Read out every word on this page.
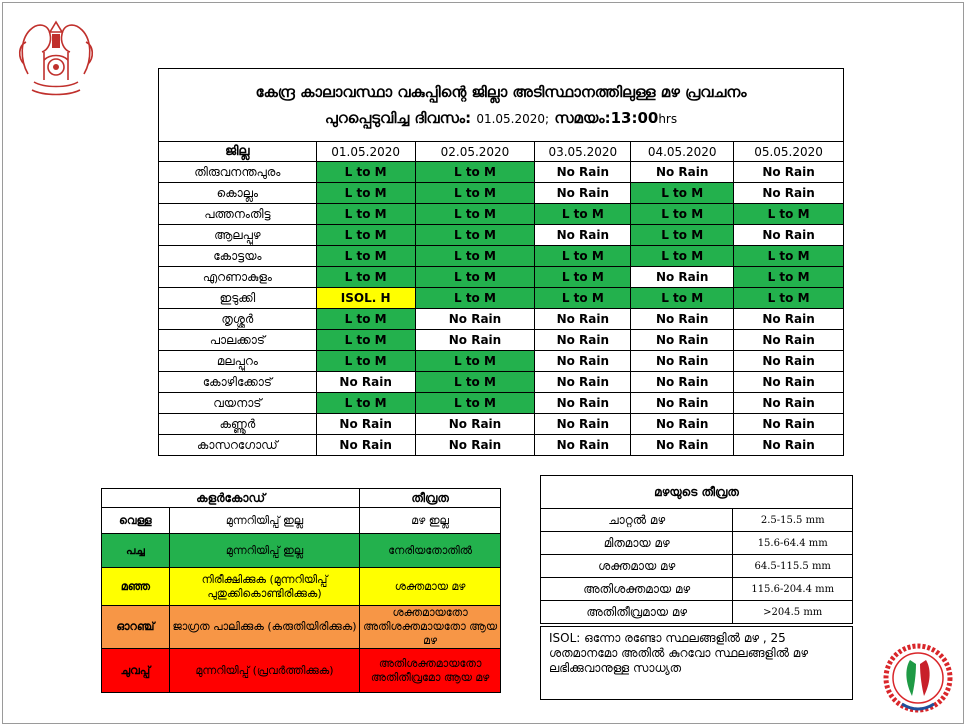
കേന്ദ്ര കാലാവസ്ഥാ വകുപ്പിന്റെ ജില്ലാ അടിസ്ഥാനത്തിലുള്ള മഴ പ്രവചനം
പുറപ്പെടുവിച്ച ദിവസം: 01.05.2020; സമയം:13:00hrs					

ജില്ല	01.05.2020	02.05.2020	03.05.2020	04.05.2020	05.05.2020
തിരുവനന്തപുരം	L to M	L to M	No Rain	No Rain	No Rain
കൊല്ലം	L to M	L to M	No Rain	L to M	No Rain
പത്തനംതിട്ട	L to M	L to M	L to M	L to M	L to M
ആലപ്പുഴ	L to M	L to M	No Rain	L to M	No Rain
കോട്ടയം	L to M	L to M	L to M	L to M	L to M
എറണാകുളം	L to M	L to M	L to M	No Rain	L to M
ഇടുക്കി	ISOL. H	L to M	L to M	L to M	L to M
തൃശ്ശൂർ	L to M	No Rain	No Rain	No Rain	No Rain
പാലക്കാട്	L to M	No Rain	No Rain	No Rain	No Rain
മലപ്പുറം	L to M	L to M	No Rain	No Rain	No Rain
കോഴിക്കോട്	No Rain	L to M	No Rain	No Rain	No Rain
വയനാട്	L to M	L to M	No Rain	No Rain	No Rain
കണ്ണൂർ	No Rain	No Rain	No Rain	No Rain	No Rain
കാസറഗോഡ്	No Rain	No Rain	No Rain	No Rain	No Rain
കളർകോഡ്		തീവ്രത
വെള്ള	മുന്നറിയിപ്പ് ഇല്ല	മഴ ഇല്ല
പച്ച	മുന്നറിയിപ്പ് ഇല്ല	നേരിയതോതിൽ
മഞ്ഞ	നിരീക്ഷിക്കുക (മുന്നറിയിപ്പ് പുതുക്കികൊണ്ടിരിക്കുക)	ശക്തമായ മഴ
ഓറഞ്ച്	ജാഗ്രത പാലിക്കുക (കരുതിയിരിക്കുക)	ശക്തമായതോ അതിശക്തമായതോ ആയ മഴ
ചുവപ്പ്	മുന്നറിയിപ്പ് (പ്രവർത്തിക്കുക)	അതിശക്തമായതോ അതിതീവ്രമോ ആയ മഴ
മഴയുടെ തീവ്രത	
ചാറ്റൽ മഴ	2.5-15.5 mm
മിതമായ മഴ	15.6-64.4 mm
ശക്തമായ മഴ	64.5-115.5 mm
അതിശക്തമായ മഴ	115.6-204.4 mm
അതിതീവ്രമായ മഴ	>204.5 mm
ISOL: ഒന്നോ രണ്ടോ സ്ഥലങ്ങളിൽ മഴ , 25 ശതമാനമോ അതിൽ കുറവോ സ്ഥലങ്ങളിൽ മഴ ലഭിക്കുവാനുള്ള സാധ്യത
